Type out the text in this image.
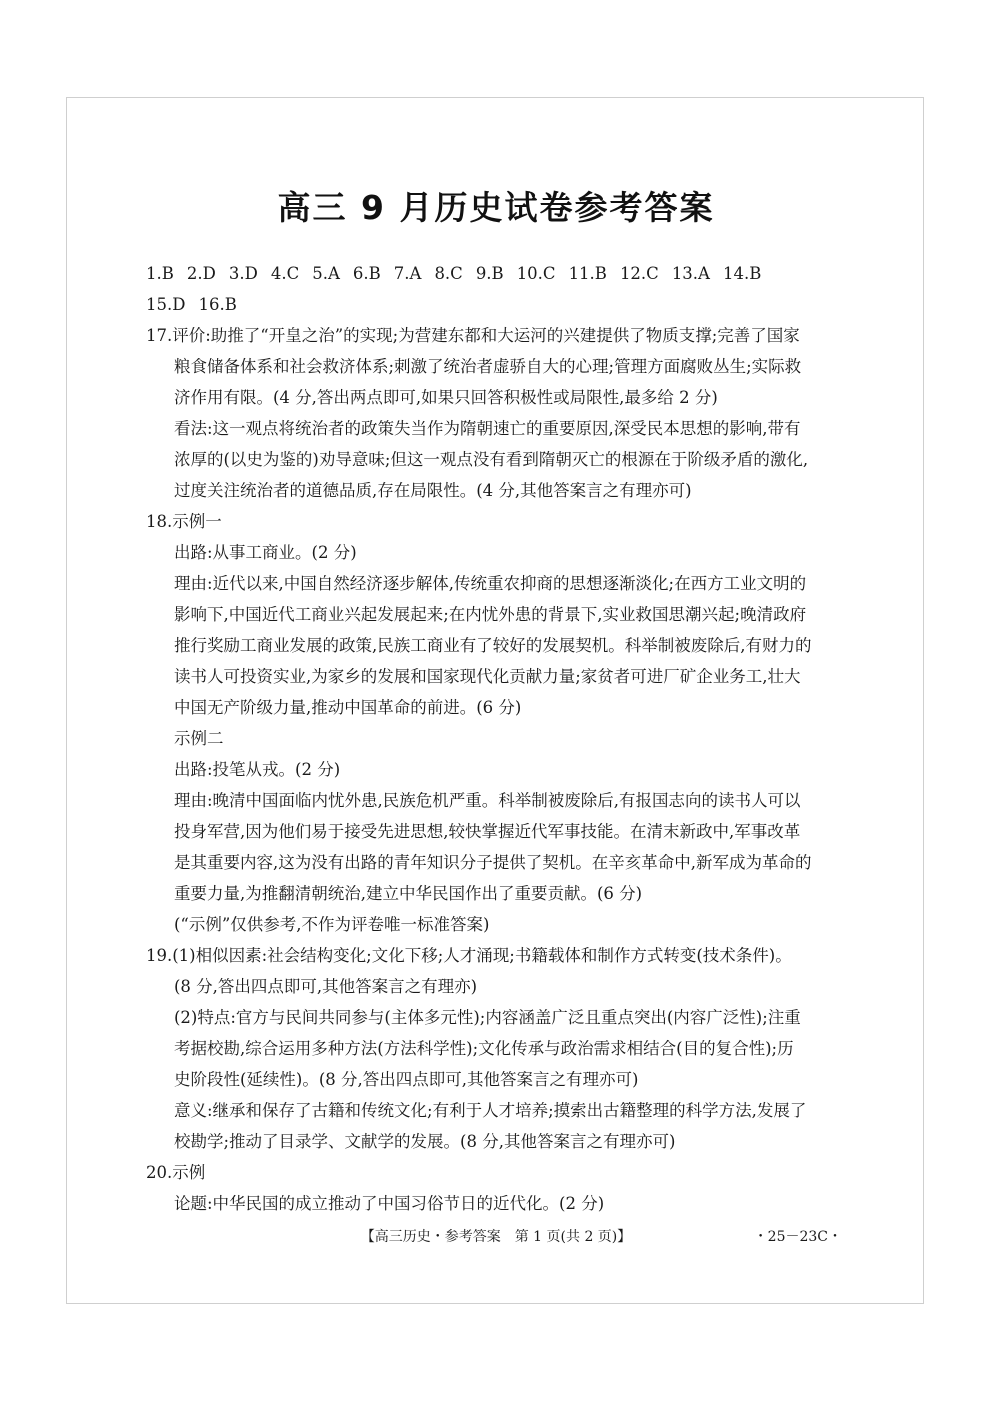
高三 9 月历史试卷参考答案
1.B 2.D 3.D 4.C 5.A 6.B 7.A 8.C 9.B 10.C 11.B 12.C 13.A 14.B
15.D 16.B
17.评价:助推了“开皇之治”的实现;为营建东都和大运河的兴建提供了物质支撑;完善了国家
粮食储备体系和社会救济体系;刺激了统治者虚骄自大的心理;管理方面腐败丛生;实际救
济作用有限。(4 分,答出两点即可,如果只回答积极性或局限性,最多给 2 分)
看法:这一观点将统治者的政策失当作为隋朝速亡的重要原因,深受民本思想的影响,带有
浓厚的(以史为鉴的)劝导意味;但这一观点没有看到隋朝灭亡的根源在于阶级矛盾的激化,
过度关注统治者的道德品质,存在局限性。(4 分,其他答案言之有理亦可)
18.示例一
出路:从事工商业。(2 分)
理由:近代以来,中国自然经济逐步解体,传统重农抑商的思想逐渐淡化;在西方工业文明的
影响下,中国近代工商业兴起发展起来;在内忧外患的背景下,实业救国思潮兴起;晚清政府
推行奖励工商业发展的政策,民族工商业有了较好的发展契机。科举制被废除后,有财力的
读书人可投资实业,为家乡的发展和国家现代化贡献力量;家贫者可进厂矿企业务工,壮大
中国无产阶级力量,推动中国革命的前进。(6 分)
示例二
出路:投笔从戎。(2 分)
理由:晚清中国面临内忧外患,民族危机严重。科举制被废除后,有报国志向的读书人可以
投身军营,因为他们易于接受先进思想,较快掌握近代军事技能。在清末新政中,军事改革
是其重要内容,这为没有出路的青年知识分子提供了契机。在辛亥革命中,新军成为革命的
重要力量,为推翻清朝统治,建立中华民国作出了重要贡献。(6 分)
(“示例”仅供参考,不作为评卷唯一标准答案)
19.(1)相似因素:社会结构变化;文化下移;人才涌现;书籍载体和制作方式转变(技术条件)。
(8 分,答出四点即可,其他答案言之有理亦)
(2)特点:官方与民间共同参与(主体多元性);内容涵盖广泛且重点突出(内容广泛性);注重
考据校勘,综合运用多种方法(方法科学性);文化传承与政治需求相结合(目的复合性);历
史阶段性(延续性)。(8 分,答出四点即可,其他答案言之有理亦可)
意义:继承和保存了古籍和传统文化;有利于人才培养;摸索出古籍整理的科学方法,发展了
校勘学;推动了目录学、文献学的发展。(8 分,其他答案言之有理亦可)
20.示例
论题:中华民国的成立推动了中国习俗节日的近代化。(2 分)
【高三历史・参考答案　第 1 页(共 2 页)】	・25－23C・
